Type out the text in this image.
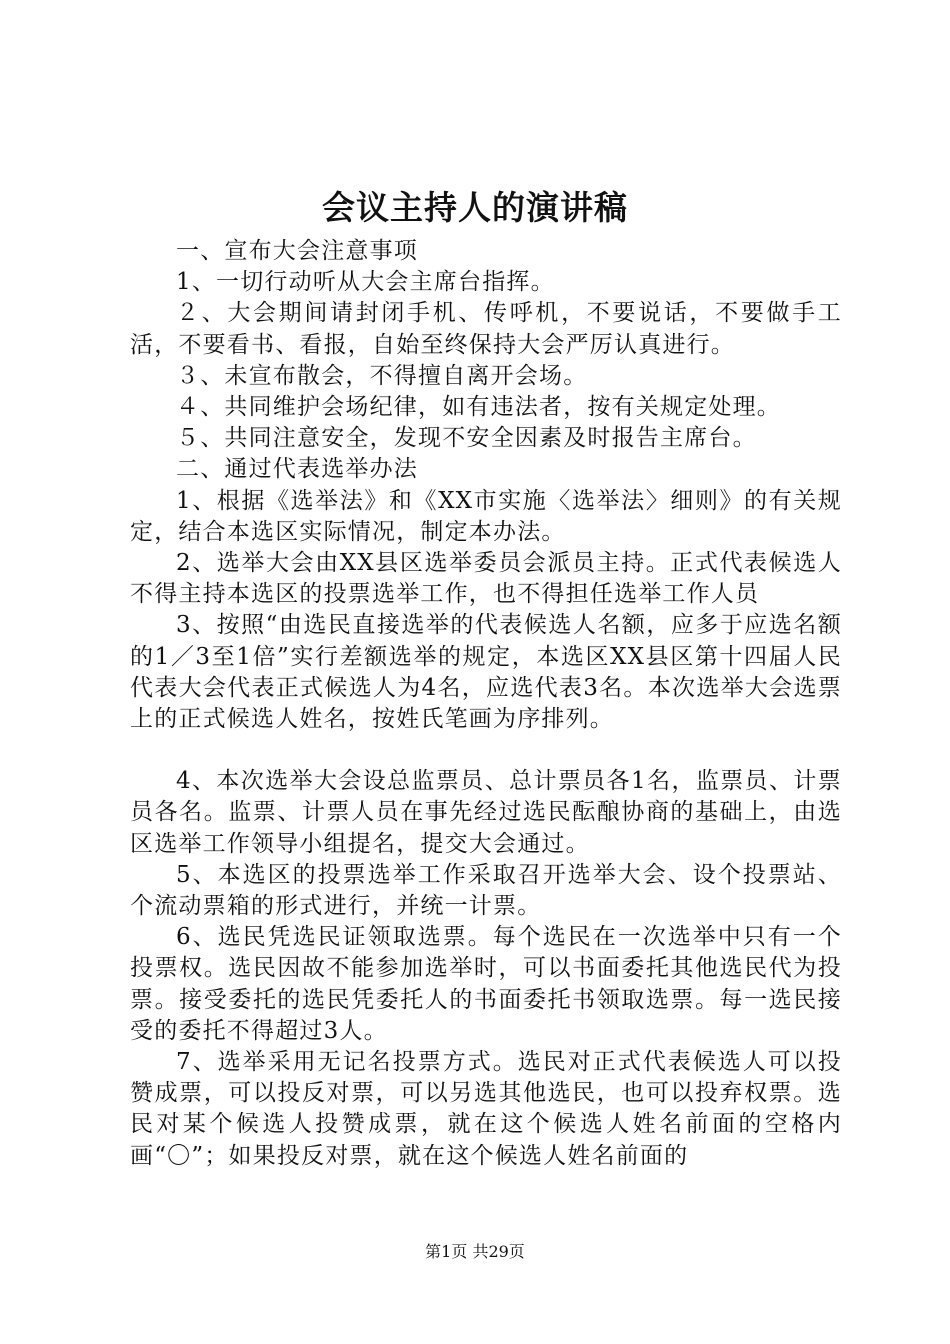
会议主持人的演讲稿

一、宣布大会注意事项

1、一切行动听从大会主席台指挥。

２、大会期间请封闭手机、传呼机，不要说话，不要做手工活，不要看书、看报，自始至终保持大会严厉认真进行。

３、未宣布散会，不得擅自离开会场。

４、共同维护会场纪律，如有违法者，按有关规定处理。

５、共同注意安全，发现不安全因素及时报告主席台。

二、通过代表选举办法

1、根据《选举法》和《XX市实施〈选举法〉细则》的有关规定，结合本选区实际情况，制定本办法。

2、选举大会由XX县区选举委员会派员主持。正式代表候选人不得主持本选区的投票选举工作，也不得担任选举工作人员

3、按照“由选民直接选举的代表候选人名额，应多于应选名额的1／3至1倍”实行差额选举的规定，本选区XX县区第十四届人民代表大会代表正式候选人为4名，应选代表3名。本次选举大会选票上的正式候选人姓名，按姓氏笔画为序排列。

4、本次选举大会设总监票员、总计票员各1名，监票员、计票员各名。监票、计票人员在事先经过选民酝酿协商的基础上，由选区选举工作领导小组提名，提交大会通过。

5、本选区的投票选举工作采取召开选举大会、设个投票站、个流动票箱的形式进行，并统一计票。

6、选民凭选民证领取选票。每个选民在一次选举中只有一个投票权。选民因故不能参加选举时，可以书面委托其他选民代为投票。接受委托的选民凭委托人的书面委托书领取选票。每一选民接受的委托不得超过3人。

7、选举采用无记名投票方式。选民对正式代表候选人可以投赞成票，可以投反对票，可以另选其他选民，也可以投弃权票。选民对某个候选人投赞成票，就在这个候选人姓名前面的空格内画“〇”；如果投反对票，就在这个候选人姓名前面的

第1页 共29页
